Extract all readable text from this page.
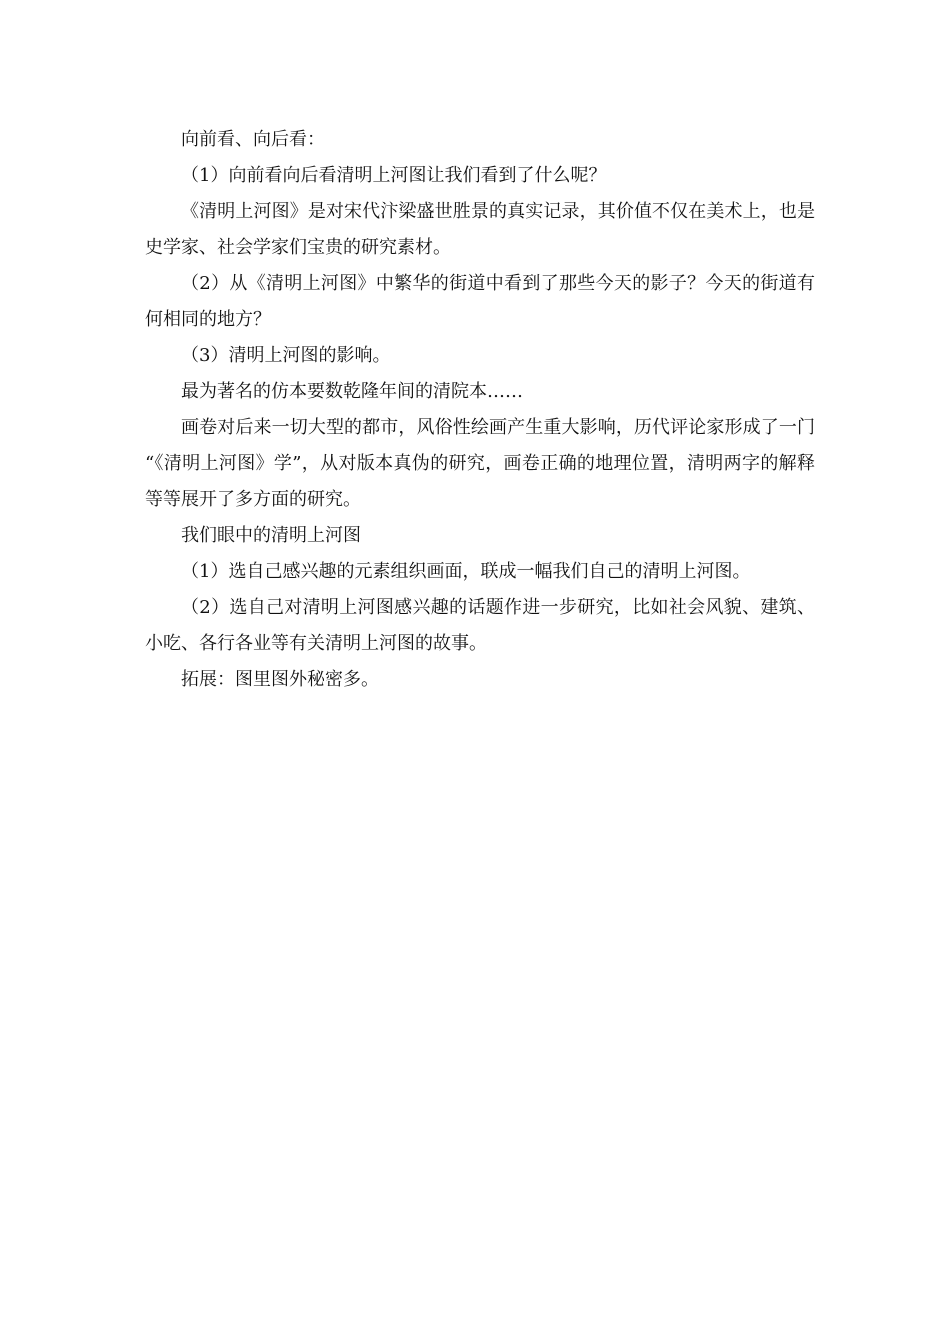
向前看、向后看：

（1）向前看向后看清明上河图让我们看到了什么呢？

《清明上河图》是对宋代汴梁盛世胜景的真实记录，其价值不仅在美术上，也是史学家、社会学家们宝贵的研究素材。

（2）从《清明上河图》中繁华的街道中看到了那些今天的影子？今天的街道有何相同的地方？

（3）清明上河图的影响。

最为著名的仿本要数乾隆年间的清院本……

画卷对后来一切大型的都市，风俗性绘画产生重大影响，历代评论家形成了一门“《清明上河图》学”，从对版本真伪的研究，画卷正确的地理位置，清明两字的解释等等展开了多方面的研究。

我们眼中的清明上河图

（1）选自己感兴趣的元素组织画面，联成一幅我们自己的清明上河图。

（2）选自己对清明上河图感兴趣的话题作进一步研究，比如社会风貌、建筑、小吃、各行各业等有关清明上河图的故事。

拓展：图里图外秘密多。
